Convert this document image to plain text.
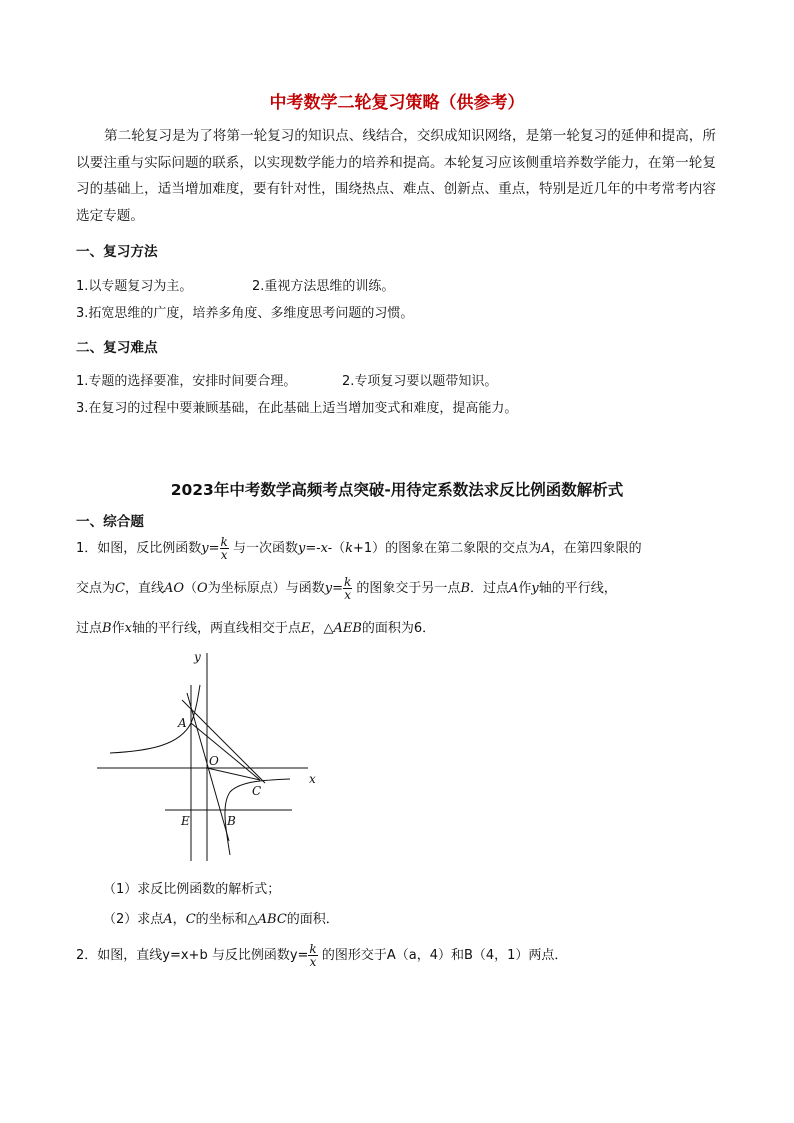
中考数学二轮复习策略（供参考）
第二轮复习是为了将第一轮复习的知识点、线结合，交织成知识网络，是第一轮复习的延伸和提高，所以要注重与实际问题的联系，以实现数学能力的培养和提高。本轮复习应该侧重培养数学能力，在第一轮复习的基础上，适当增加难度，要有针对性，围绕热点、难点、创新点、重点，特别是近几年的中考常考内容选定专题。
一、复习方法
1.以专题复习为主。	2.重视方法思维的训练。
3.拓宽思维的广度，培养多角度、多维度思考问题的习惯。
二、复习难点
1.专题的选择要准，安排时间要合理。	2.专项复习要以题带知识。
3.在复习的过程中要兼顾基础，在此基础上适当增加变式和难度，提高能力。
2023年中考数学高频考点突破-用待定系数法求反比例函数解析式
一、综合题
1．如图，反比例函数$y= \frac{k}{x}$ 与一次函数y=-x-（k+1）的图象在第二象限的交点为A，在第四象限的
交点为C，直线AO（O为坐标原点）与函数$y= \frac{k}{x}$ 的图象交于另一点B．过点A作y轴的平行线，
过点B作x轴的平行线，两直线相交于点E，△AEB的面积为6．
y
x
A
O
C
E	B
（1）求反比例函数的解析式；
（2）求点A，C的坐标和△ABC的面积．
2．如图，直线y=x+b 与反比例函数$y= \frac{k}{x}$ 的图形交于A（a，4）和B（4，1）两点．
